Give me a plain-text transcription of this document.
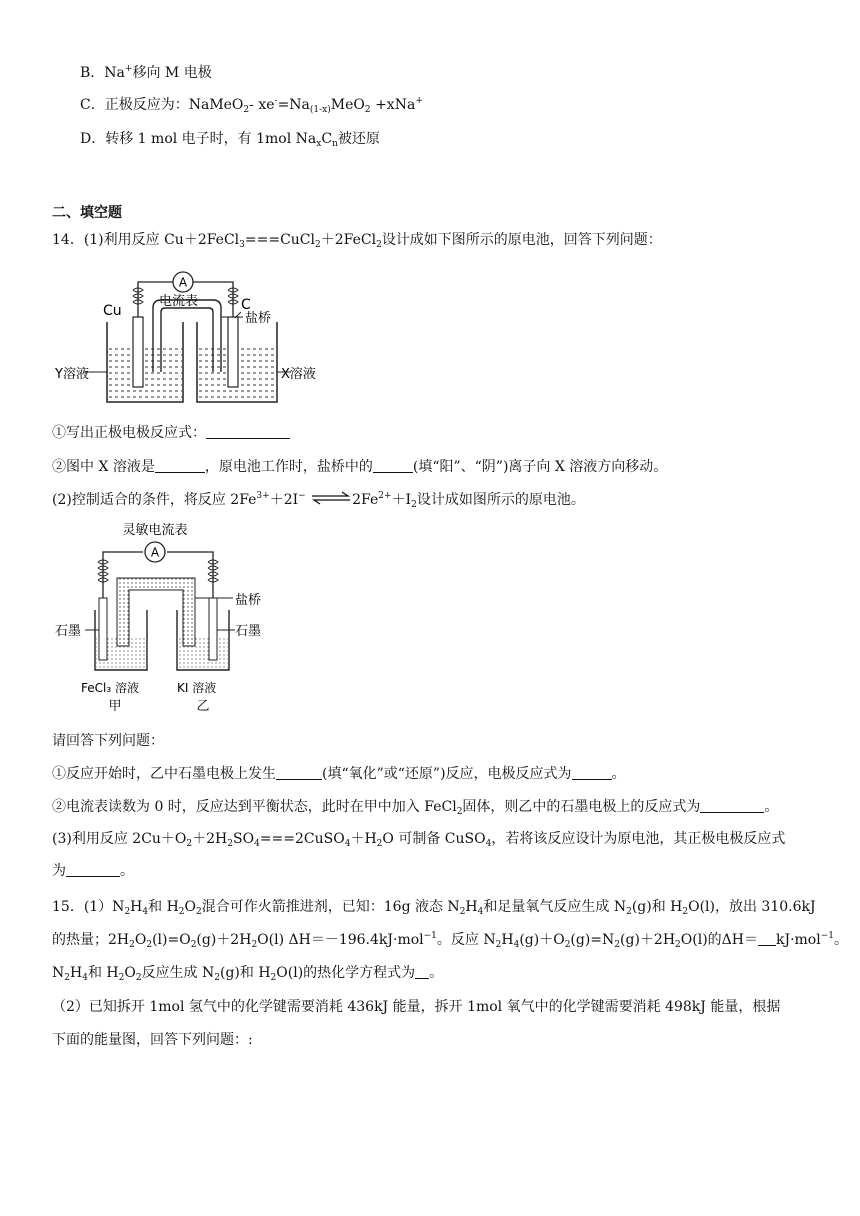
B．Na+移向 M 电极
C．正极反应为：NaMeO$_2$- $xe^-=Na_{(1-x)}MeO_2 +xNa^+$
D．转移 1 mol 电子时，有 1mol $Na_xC_n$被还原
二、填空题
14．(1)利用反应 Cu＋2FeCl$_3$===CuCl$_2$＋2FeCl$_2$设计成如下图所示的原电池，回答下列问题：
A
电流表
Cu	C
盐桥
Y溶液	X溶液
①写出正极电极反应式：
②图中 X 溶液是	，原电池工作时，盐桥中的	(填“阳”、“阴”)离子向 X 溶液方向移动。
(2)控制适合的条件，将反应 $2Fe^{3+}+2I^-$ $\rightleftharpoons 2Fe^{2+}+I_2$设计成如图所示的原电池。
灵敏电流表
A
盐桥
石墨	石墨
FeCl₃ 溶液
甲
KI 溶液
乙
请回答下列问题：
①反应开始时，乙中石墨电极上发生	(填“氧化”或“还原”)反应，电极反应式为	。
②电流表读数为 0 时，反应达到平衡状态，此时在甲中加入 FeCl$_2$固体，则乙中的石墨电极上的反应式为	。
(3)利用反应 $2Cu+O_2+2H_2SO_4===2CuSO_4+H_2O$ 可制备 CuSO$_4$，若将该反应设计为原电池，其正极电极反应式
为	。
15．$(1)N_2H_4$和 $H_2O_2$混合可作火箭推进剂，已知：16g 液态 $N_2H_4$和足量氧气反应生成 $N_2(g)$和 $H_2O(l)$，放出 310.6kJ
的热量；$2H_2O_2(l)=O_2(g)+2H_2O(l)$ ΔH＝－196.4kJ·mol$^{-1}$。反应 $N_2H_4(g)+O_2(g)=N_2(g)+2H_2O(l)$的ΔH＝ kJ·mol$^{-1}$。
$N_2H_4$和 $H_2O_2$反应生成 $N_2(g)$和 $H_2O(l)$的热化学方程式为 。
（2）已知拆开 1mol 氢气中的化学键需要消耗 436kJ 能量，拆开 1mol 氧气中的化学键需要消耗 498kJ 能量，根据
下面的能量图，回答下列问题：:
